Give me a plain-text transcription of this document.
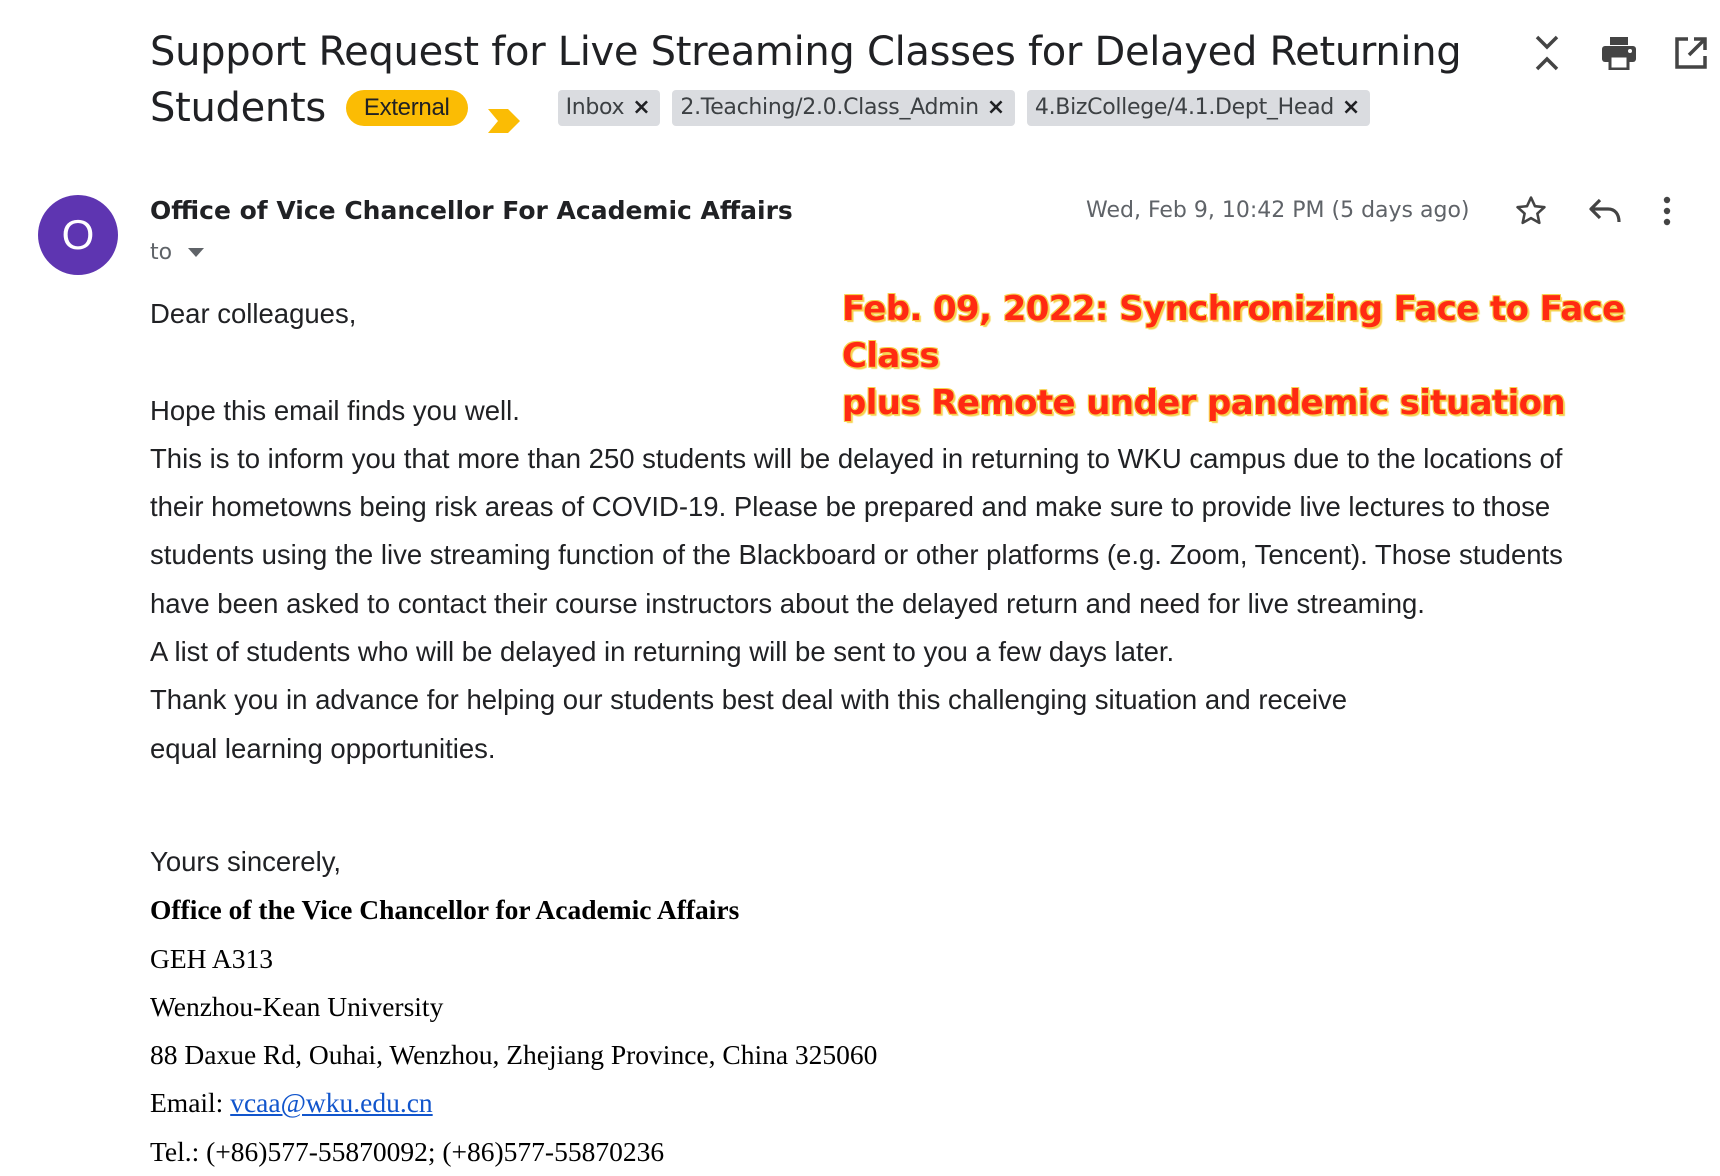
Support Request for Live Streaming Classes for Delayed Returning
Students	External	Inbox × 2.Teaching/2.0.Class_Admin × 4.BizCollege/4.1.Dept_Head ×
O
Office of Vice Chancellor For Academic Affairs
to
Wed, Feb 9, 10:42 PM (5 days ago)
Feb. 09, 2022: Synchronizing Face to Face Class
plus Remote under pandemic situation

Dear colleagues,

Hope this email finds you well.

This is to inform you that more than 250 students will be delayed in returning to WKU campus due to the locations of

their hometowns being risk areas of COVID-19. Please be prepared and make sure to provide live lectures to those

students using the live streaming function of the Blackboard or other platforms (e.g. Zoom, Tencent). Those students

have been asked to contact their course instructors about the delayed return and need for live streaming.

A list of students who will be delayed in returning will be sent to you a few days later.

Thank you in advance for helping our students best deal with this challenging situation and receive

equal learning opportunities.

Yours sincerely,

Office of the Vice Chancellor for Academic Affairs

GEH A313

Wenzhou-Kean University

88 Daxue Rd, Ouhai, Wenzhou, Zhejiang Province, China 325060

Email: vcaa@wku.edu.cn

Tel.: (+86)577-55870092; (+86)577-55870236
